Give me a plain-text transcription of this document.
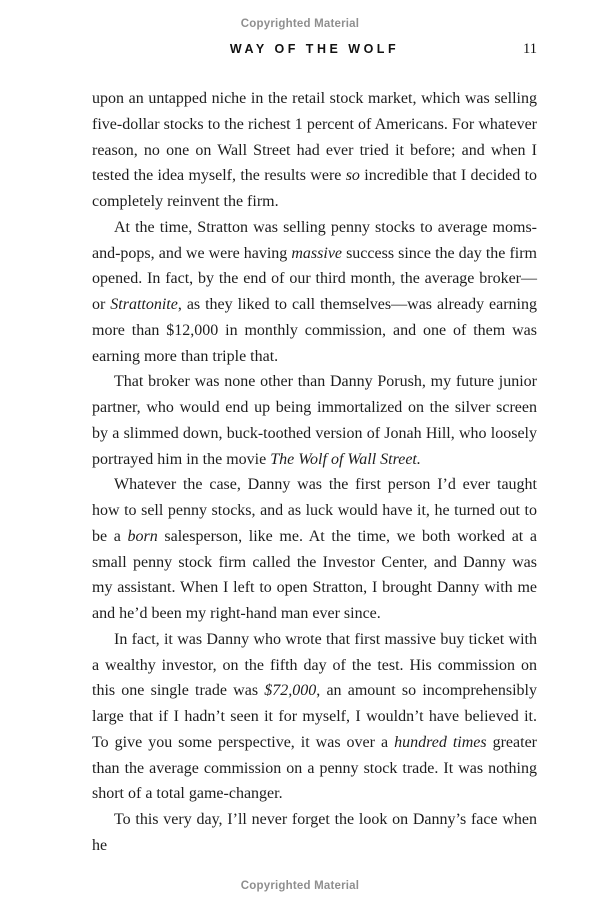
Copyrighted Material
WAY OF THE WOLF	11

upon an untapped niche in the retail stock market, which was selling five-dollar stocks to the richest 1 percent of Americans. For whatever reason, no one on Wall Street had ever tried it before; and when I tested the idea myself, the results were so incredible that I decided to completely reinvent the firm.

At the time, Stratton was selling penny stocks to average moms-and-pops, and we were having massive success since the day the firm opened. In fact, by the end of our third month, the average broker—or Strattonite, as they liked to call themselves—was already earning more than $12,000 in monthly commission, and one of them was earning more than triple that.

That broker was none other than Danny Porush, my future junior partner, who would end up being immortalized on the silver screen by a slimmed down, buck-toothed version of Jonah Hill, who loosely portrayed him in the movie The Wolf of Wall Street.

Whatever the case, Danny was the first person I’d ever taught how to sell penny stocks, and as luck would have it, he turned out to be a born salesperson, like me. At the time, we both worked at a small penny stock firm called the Investor Center, and Danny was my assistant. When I left to open Stratton, I brought Danny with me and he’d been my right-hand man ever since.

In fact, it was Danny who wrote that first massive buy ticket with a wealthy investor, on the fifth day of the test. His commission on this one single trade was $72,000, an amount so incomprehensibly large that if I hadn’t seen it for myself, I wouldn’t have believed it. To give you some perspective, it was over a hundred times greater than the average commission on a penny stock trade. It was nothing short of a total game-changer.

To this very day, I’ll never forget the look on Danny’s face when he

Copyrighted Material
